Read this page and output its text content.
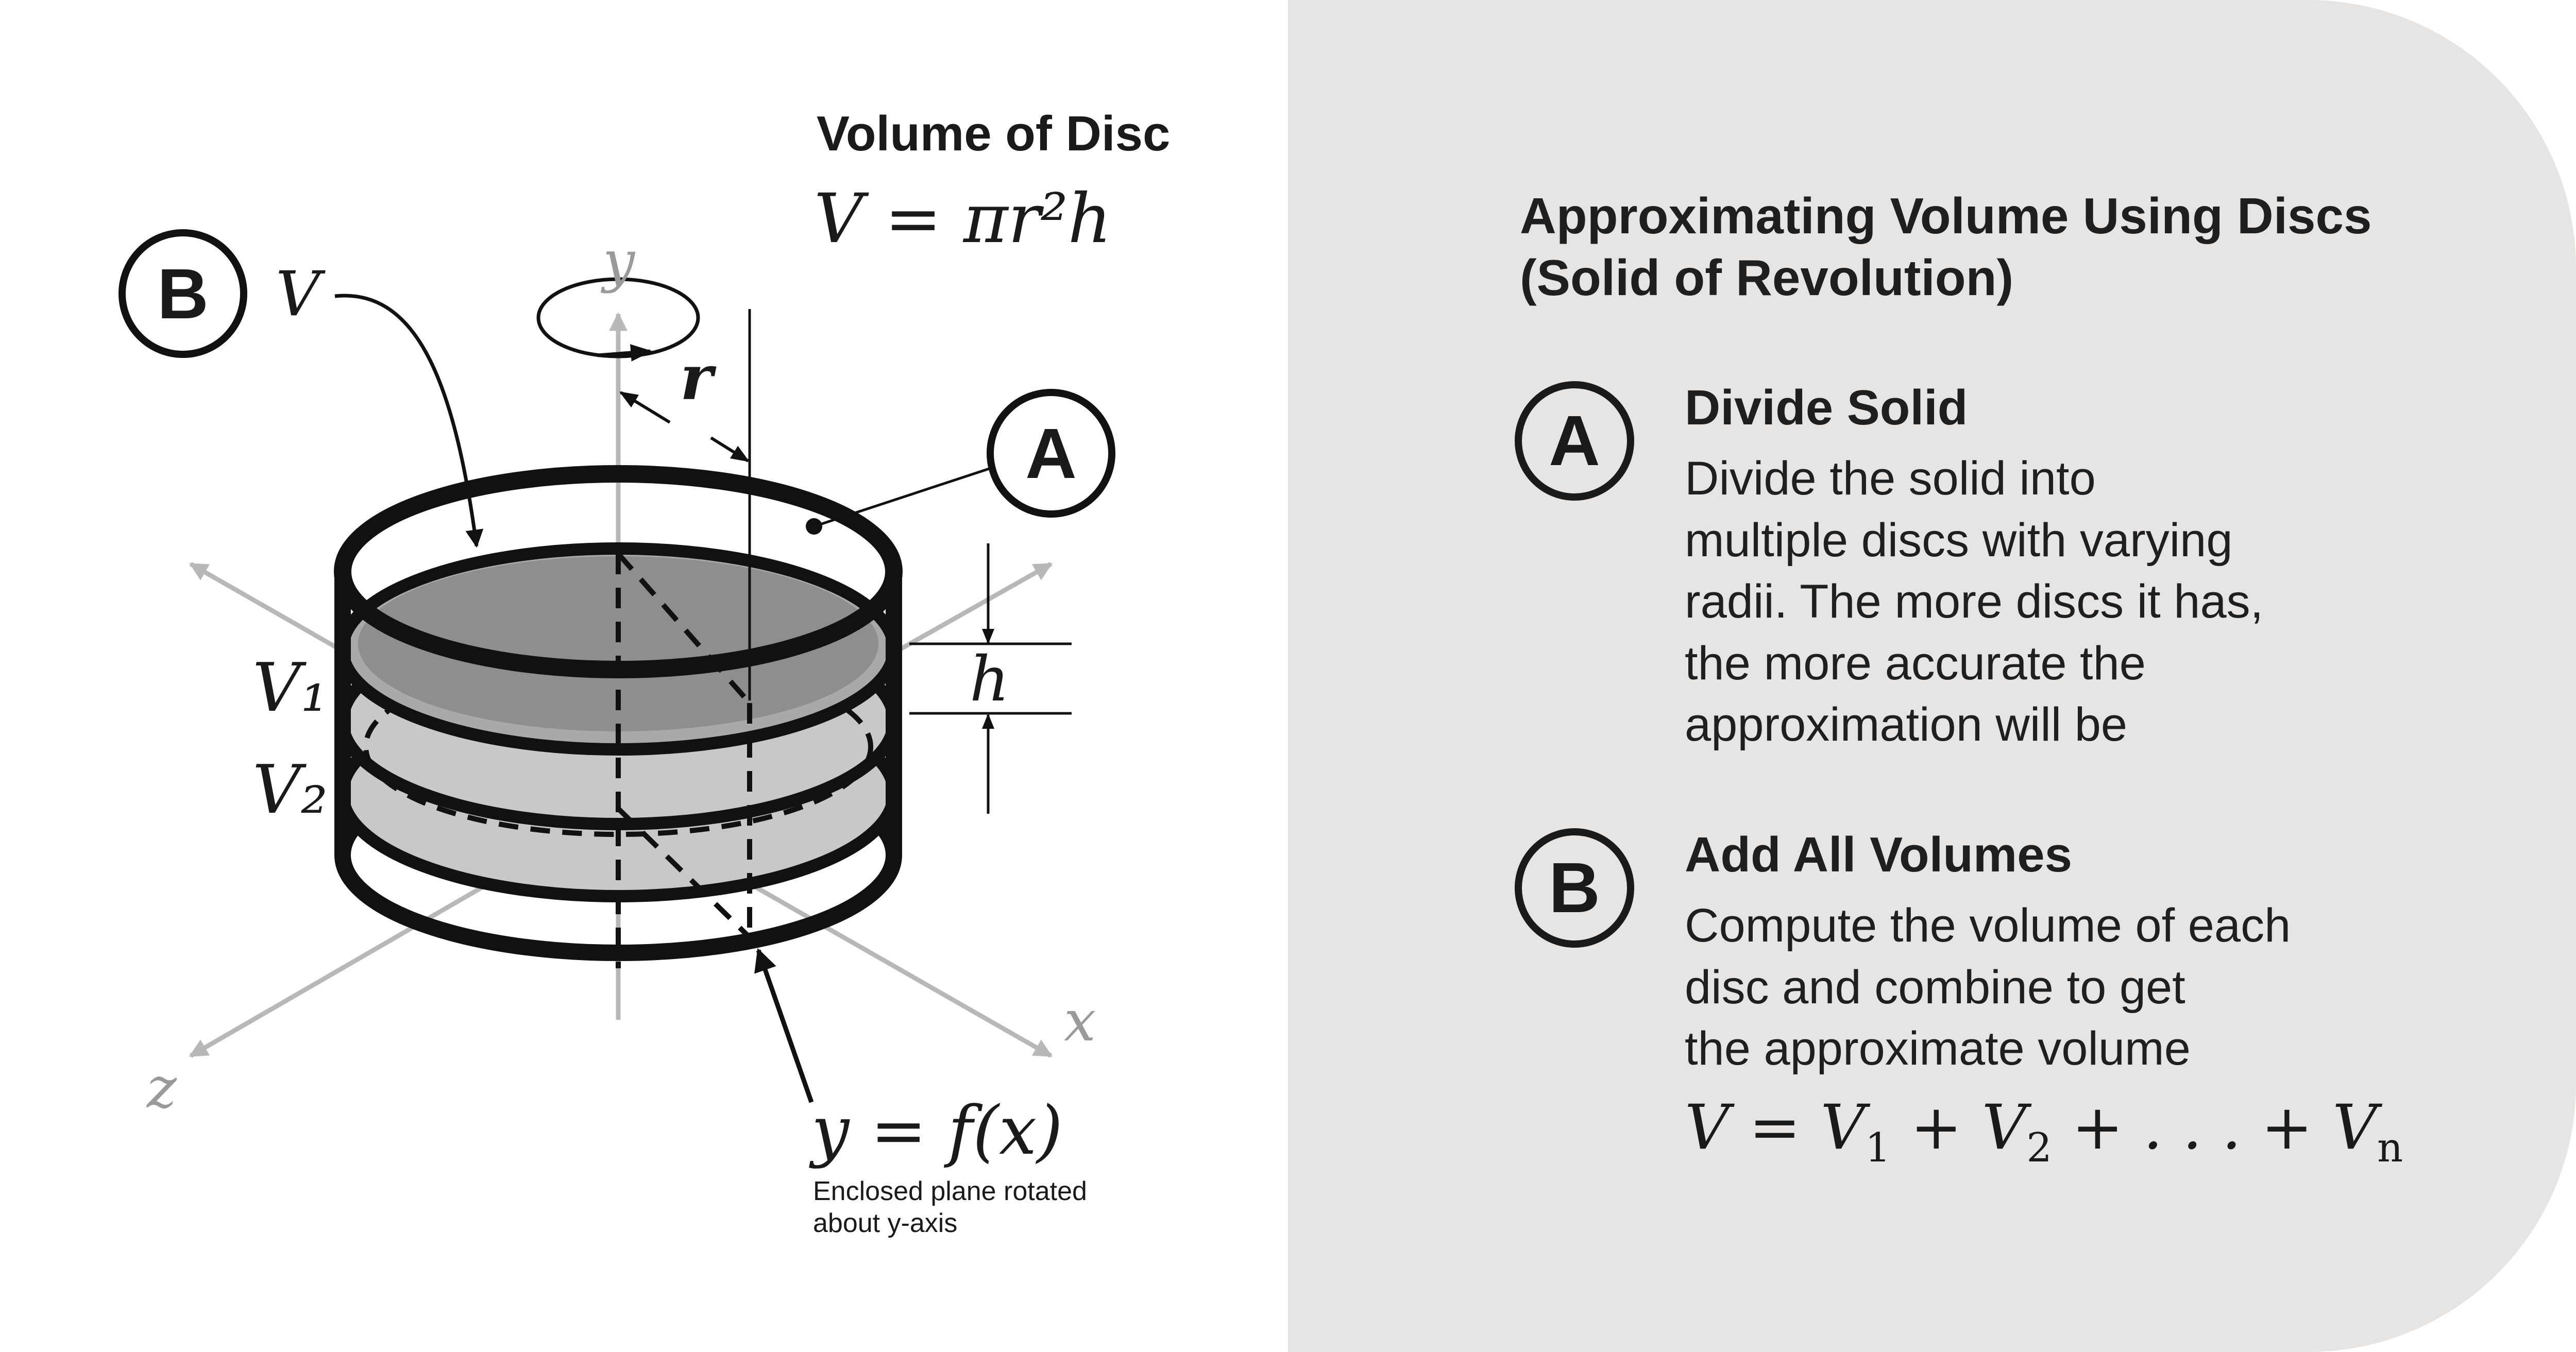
Volume of Disc
V = πr²h
y
x
z
r
h
A
B V
V₁
V₂
y = f(x)
Enclosed plane rotated
about y-axis
Approximating Volume Using Discs
(Solid of Revolution)
A	Divide Solid
Divide the solid into
multiple discs with varying
radii. The more discs it has,
the more accurate the
approximation will be
B	Add All Volumes
Compute the volume of each
disc and combine to get
the approximate volume
$V = V_1 + V_2$ + . . . + $V_n$
